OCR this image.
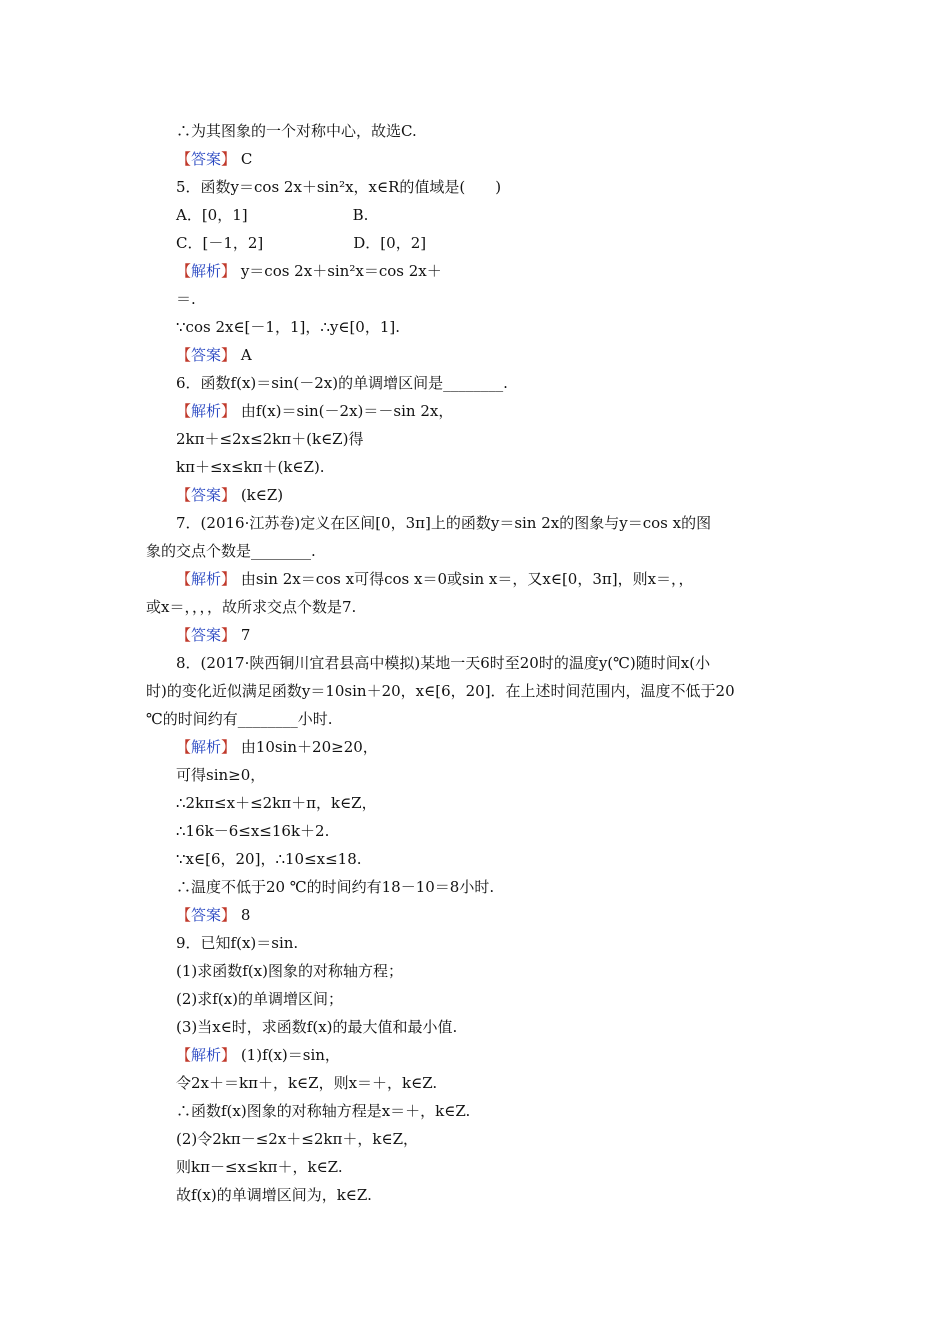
∴为其图象的一个对称中心，故选C.
【答案】 C
5．函数y＝cos 2x＋sin²x，x∈R的值域是(　　)
A．[0，1]　　　　　　　B.
C．[－1，2]　　　　　　D．[0，2]
【解析】 y＝cos 2x＋sin²x＝cos 2x＋
＝.
∵cos 2x∈[－1，1]，∴y∈[0，1].
【答案】 A
6．函数f(x)＝sin(－2x)的单调增区间是________.
【解析】 由f(x)＝sin(－2x)＝－sin 2x，
2kπ＋≤2x≤2kπ＋(k∈Z)得
kπ＋≤x≤kπ＋(k∈Z).
【答案】 (k∈Z)
7．(2016·江苏卷)定义在区间[0，3π]上的函数y＝sin 2x的图象与y＝cos x的图
象的交点个数是________.
【解析】 由sin 2x＝cos x可得cos x＝0或sin x＝，又x∈[0，3π]，则x＝，，
或x＝，，，，故所求交点个数是7.
【答案】 7
8．(2017·陕西铜川宜君县高中模拟)某地一天6时至20时的温度y(℃)随时间x(小
时)的变化近似满足函数y＝10sin＋20，x∈[6，20]．在上述时间范围内，温度不低于20
℃的时间约有________小时.
【解析】 由10sin＋20≥20，
可得sin≥0，
∴2kπ≤x＋≤2kπ＋π，k∈Z，
∴16k－6≤x≤16k＋2.
∵x∈[6，20]，∴10≤x≤18.
∴温度不低于20 ℃的时间约有18－10＝8小时.
【答案】 8
9．已知f(x)＝sin.
(1)求函数f(x)图象的对称轴方程；
(2)求f(x)的单调增区间；
(3)当x∈时，求函数f(x)的最大值和最小值.
【解析】 (1)f(x)＝sin，
令2x＋＝kπ＋，k∈Z，则x＝＋，k∈Z.
∴函数f(x)图象的对称轴方程是x＝＋，k∈Z.
(2)令2kπ－≤2x＋≤2kπ＋，k∈Z，
则kπ－≤x≤kπ＋，k∈Z.
故f(x)的单调增区间为，k∈Z.
